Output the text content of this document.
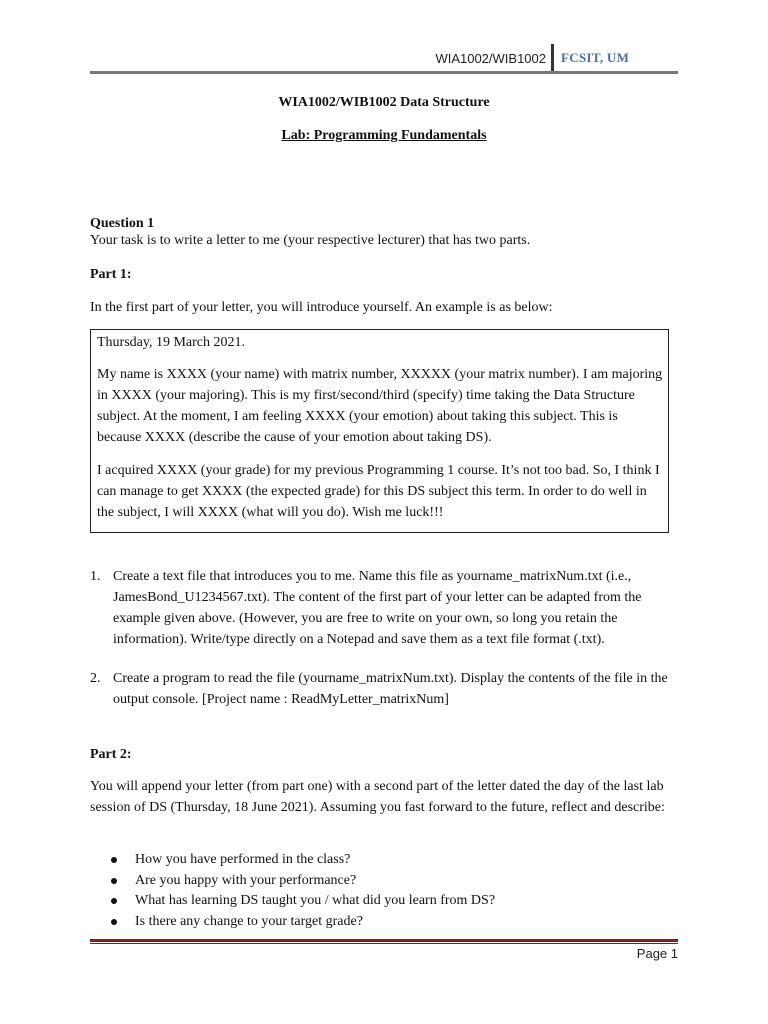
WIA1002/WIB1002 FCSIT, UM
WIA1002/WIB1002 Data Structure
Lab: Programming Fundamentals
Question 1
Your task is to write a letter to me (your respective lecturer) that has two parts.
Part 1:
In the first part of your letter, you will introduce yourself. An example is as below:

Thursday, 19 March 2021.

My name is XXXX (your name) with matrix number, XXXXX (your matrix number). I am majoring in XXXX (your majoring). This is my first/second/third (specify) time taking the Data Structure subject. At the moment, I am feeling XXXX (your emotion) about taking this subject. This is because XXXX (describe the cause of your emotion about taking DS).

I acquired XXXX (your grade) for my previous Programming 1 course. It’s not too bad. So, I think I can manage to get XXXX (the expected grade) for this DS subject this term. In order to do well in the subject, I will XXXX (what will you do). Wish me luck!!!

1. Create a text file that introduces you to me. Name this file as yourname_matrixNum.txt (i.e., JamesBond_U1234567.txt). The content of the first part of your letter can be adapted from the example given above. (However, you are free to write on your own, so long you retain the information). Write/type directly on a Notepad and save them as a text file format (.txt).
2. Create a program to read the file (yourname_matrixNum.txt). Display the contents of the file in the output console. [Project name : ReadMyLetter_matrixNum]
Part 2:
You will append your letter (from part one) with a second part of the letter dated the day of the last lab session of DS (Thursday, 18 June 2021). Assuming you fast forward to the future, reflect and describe:
How you have performed in the class?
Are you happy with your performance?
What has learning DS taught you / what did you learn from DS?
Is there any change to your target grade?
Page 1
